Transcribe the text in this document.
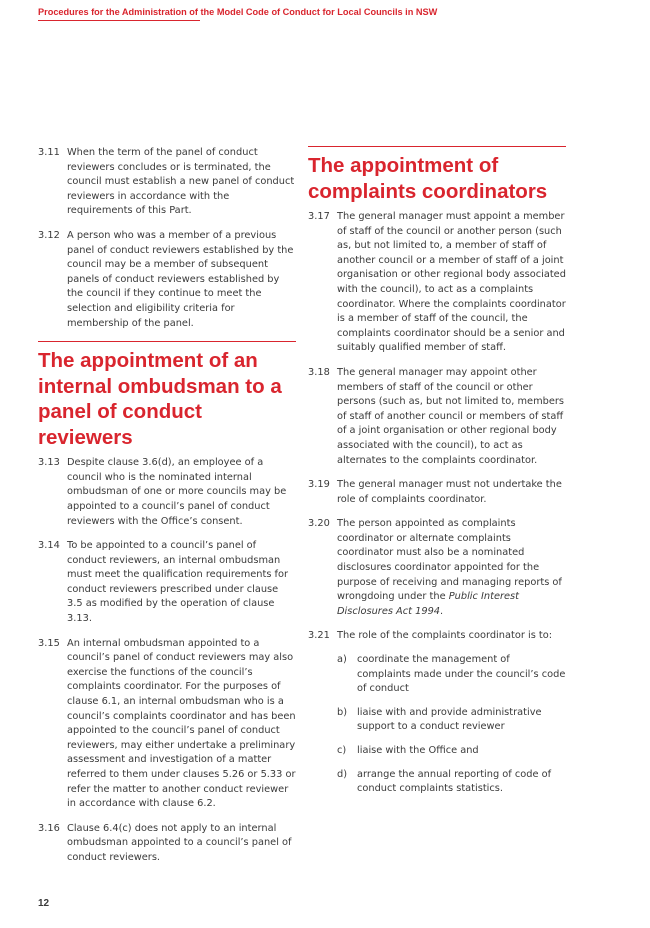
Procedures for the Administration of the Model Code of Conduct for Local Councils in NSW
3.11 When the term of the panel of conduct reviewers concludes or is terminated, the council must establish a new panel of conduct reviewers in accordance with the requirements of this Part.
3.12 A person who was a member of a previous panel of conduct reviewers established by the council may be a member of subsequent panels of conduct reviewers established by the council if they continue to meet the selection and eligibility criteria for membership of the panel.
The appointment of an internal ombudsman to a panel of conduct reviewers
3.13 Despite clause 3.6(d), an employee of a council who is the nominated internal ombudsman of one or more councils may be appointed to a council’s panel of conduct reviewers with the Office’s consent.
3.14 To be appointed to a council’s panel of conduct reviewers, an internal ombudsman must meet the qualification requirements for conduct reviewers prescribed under clause 3.5 as modified by the operation of clause 3.13.
3.15 An internal ombudsman appointed to a council’s panel of conduct reviewers may also exercise the functions of the council’s complaints coordinator. For the purposes of clause 6.1, an internal ombudsman who is a council’s complaints coordinator and has been appointed to the council’s panel of conduct reviewers, may either undertake a preliminary assessment and investigation of a matter referred to them under clauses 5.26 or 5.33 or refer the matter to another conduct reviewer in accordance with clause 6.2.
3.16 Clause 6.4(c) does not apply to an internal ombudsman appointed to a council’s panel of conduct reviewers.
The appointment of complaints coordinators
3.17 The general manager must appoint a member of staff of the council or another person (such as, but not limited to, a member of staff of another council or a member of staff of a joint organisation or other regional body associated with the council), to act as a complaints coordinator. Where the complaints coordinator is a member of staff of the council, the complaints coordinator should be a senior and suitably qualified member of staff.
3.18 The general manager may appoint other members of staff of the council or other persons (such as, but not limited to, members of staff of another council or members of staff of a joint organisation or other regional body associated with the council), to act as alternates to the complaints coordinator.
3.19 The general manager must not undertake the role of complaints coordinator.
3.20 The person appointed as complaints coordinator or alternate complaints coordinator must also be a nominated disclosures coordinator appointed for the purpose of receiving and managing reports of wrongdoing under the Public Interest Disclosures Act 1994.
3.21 The role of the complaints coordinator is to:
a)	coordinate the management of complaints made under the council’s code of conduct
b)	liaise with and provide administrative support to a conduct reviewer
c)	liaise with the Office and
d)	arrange the annual reporting of code of conduct complaints statistics.
12
